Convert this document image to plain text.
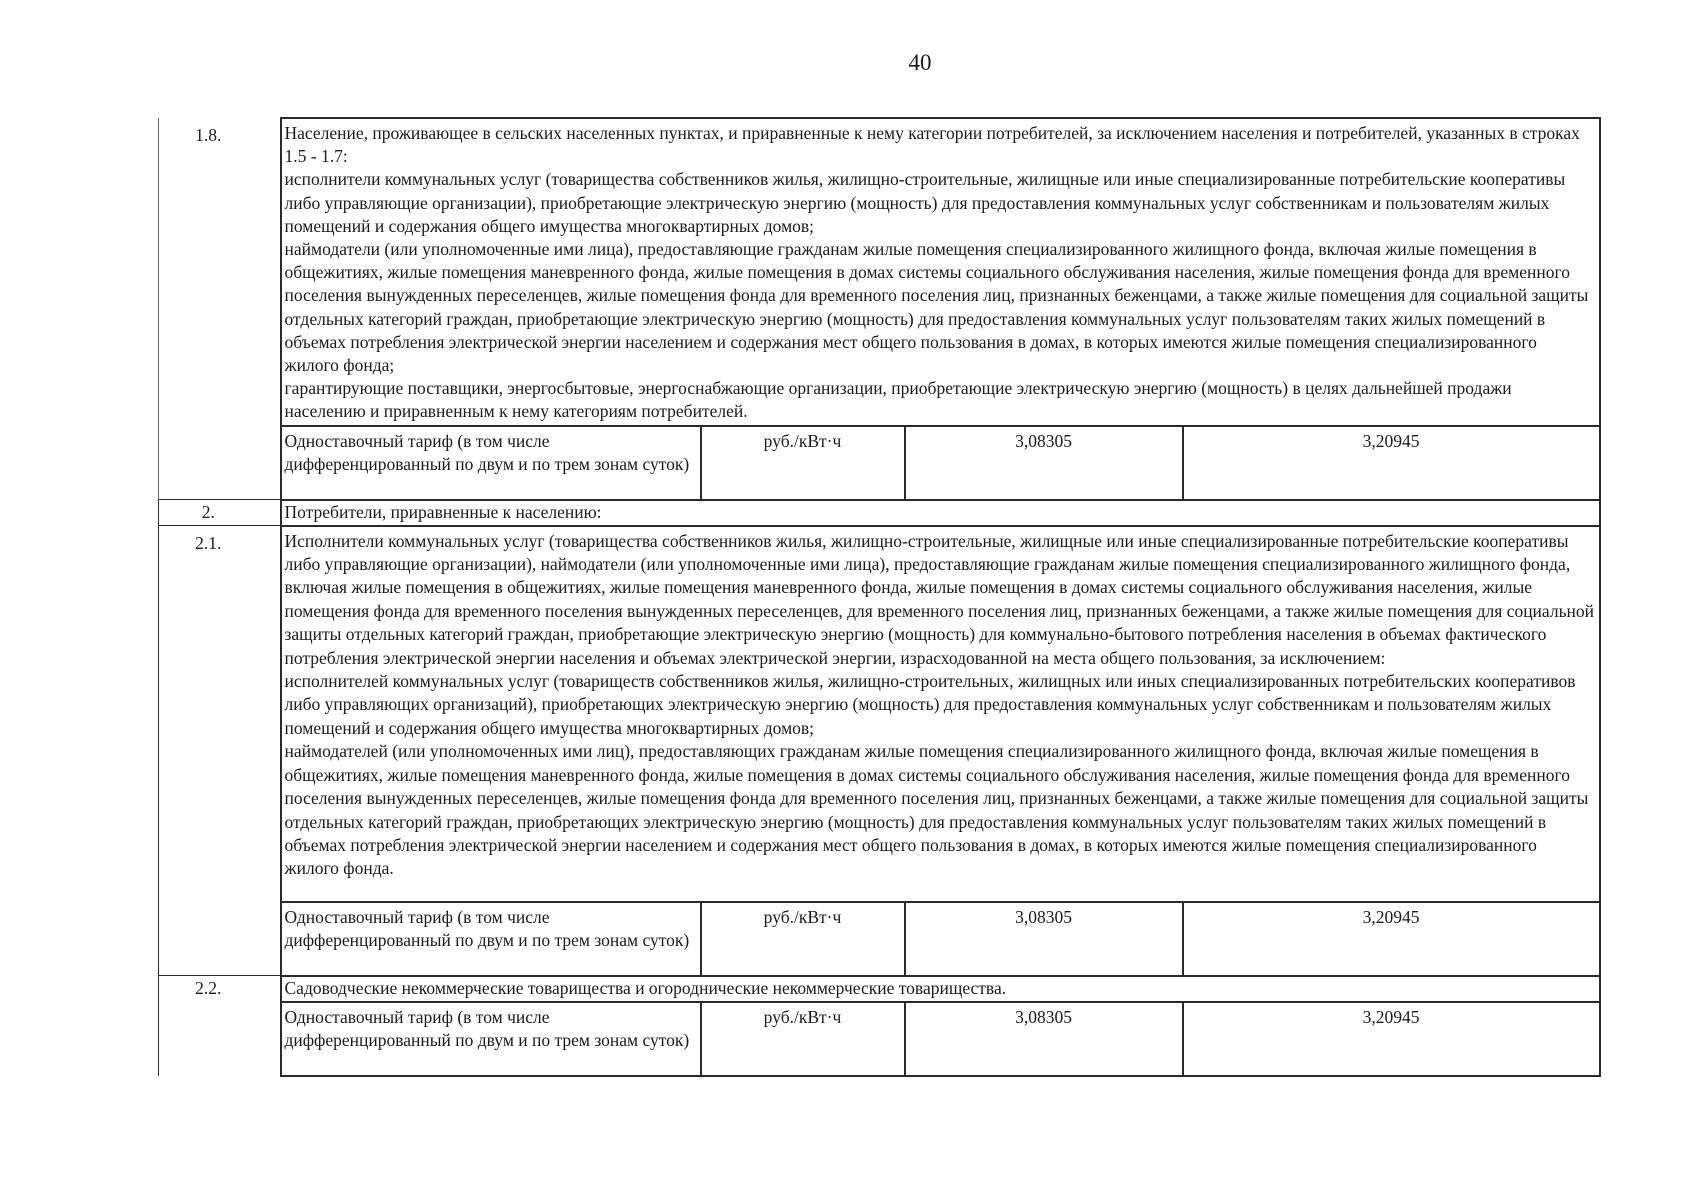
40
1.8.	Население, проживающее в сельских населенных пунктах, и приравненные к нему категории потребителей, за исключением населения и потребителей, указанных в строках 1.5 - 1.7:
исполнители коммунальных услуг (товарищества собственников жилья, жилищно-строительные, жилищные или иные специализированные потребительские кооперативы либо управляющие организации), приобретающие электрическую энергию (мощность) для предоставления коммунальных услуг собственникам и пользователям жилых помещений и содержания общего имущества многоквартирных домов;
наймодатели (или уполномоченные ими лица), предоставляющие гражданам жилые помещения специализированного жилищного фонда, включая жилые помещения в общежитиях, жилые помещения маневренного фонда, жилые помещения в домах системы социального обслуживания населения, жилые помещения фонда для временного поселения вынужденных переселенцев, жилые помещения фонда для временного поселения лиц, признанных беженцами, а также жилые помещения для социальной защиты отдельных категорий граждан, приобретающие электрическую энергию (мощность) для предоставления коммунальных услуг пользователям таких жилых помещений в объемах потребления электрической энергии населением и содержания мест общего пользования в домах, в которых имеются жилые помещения специализированного жилого фонда;
гарантирующие поставщики, энергосбытовые, энергоснабжающие организации, приобретающие электрическую энергию (мощность) в целях дальнейшей продажи населению и приравненным к нему категориям потребителей.			
	Одноставочный тариф (в том числе дифференцированный по двум и по трем зонам суток)	руб./кВт·ч	3,08305	3,20945
2.	Потребители, приравненные к населению:			
2.1.	Исполнители коммунальных услуг (товарищества собственников жилья, жилищно-строительные, жилищные или иные специализированные потребительские кооперативы либо управляющие организации), наймодатели (или уполномоченные ими лица), предоставляющие гражданам жилые помещения специализированного жилищного фонда, включая жилые помещения в общежитиях, жилые помещения маневренного фонда, жилые помещения в домах системы социального обслуживания населения, жилые помещения фонда для временного поселения вынужденных переселенцев, для временного поселения лиц, признанных беженцами, а также жилые помещения для социальной защиты отдельных категорий граждан, приобретающие электрическую энергию (мощность) для коммунально-бытового потребления населения в объемах фактического потребления электрической энергии населения и объемах электрической энергии, израсходованной на места общего пользования, за исключением:
исполнителей коммунальных услуг (товариществ собственников жилья, жилищно-строительных, жилищных или иных специализированных потребительских кооперативов либо управляющих организаций), приобретающих электрическую энергию (мощность) для предоставления коммунальных услуг собственникам и пользователям жилых помещений и содержания общего имущества многоквартирных домов;
наймодателей (или уполномоченных ими лиц), предоставляющих гражданам жилые помещения специализированного жилищного фонда, включая жилые помещения в общежитиях, жилые помещения маневренного фонда, жилые помещения в домах системы социального обслуживания населения, жилые помещения фонда для временного поселения вынужденных переселенцев, жилые помещения фонда для временного поселения лиц, признанных беженцами, а также жилые помещения для социальной защиты отдельных категорий граждан, приобретающих электрическую энергию (мощность) для предоставления коммунальных услуг пользователям таких жилых помещений в объемах потребления электрической энергии населением и содержания мест общего пользования в домах, в которых имеются жилые помещения специализированного жилого фонда.			
	Одноставочный тариф (в том числе дифференцированный по двум и по трем зонам суток)	руб./кВт·ч	3,08305	3,20945
2.2.	Садоводческие некоммерческие товарищества и огороднические некоммерческие товарищества.			
	Одноставочный тариф (в том числе дифференцированный по двум и по трем зонам суток)	руб./кВт·ч	3,08305	3,20945
